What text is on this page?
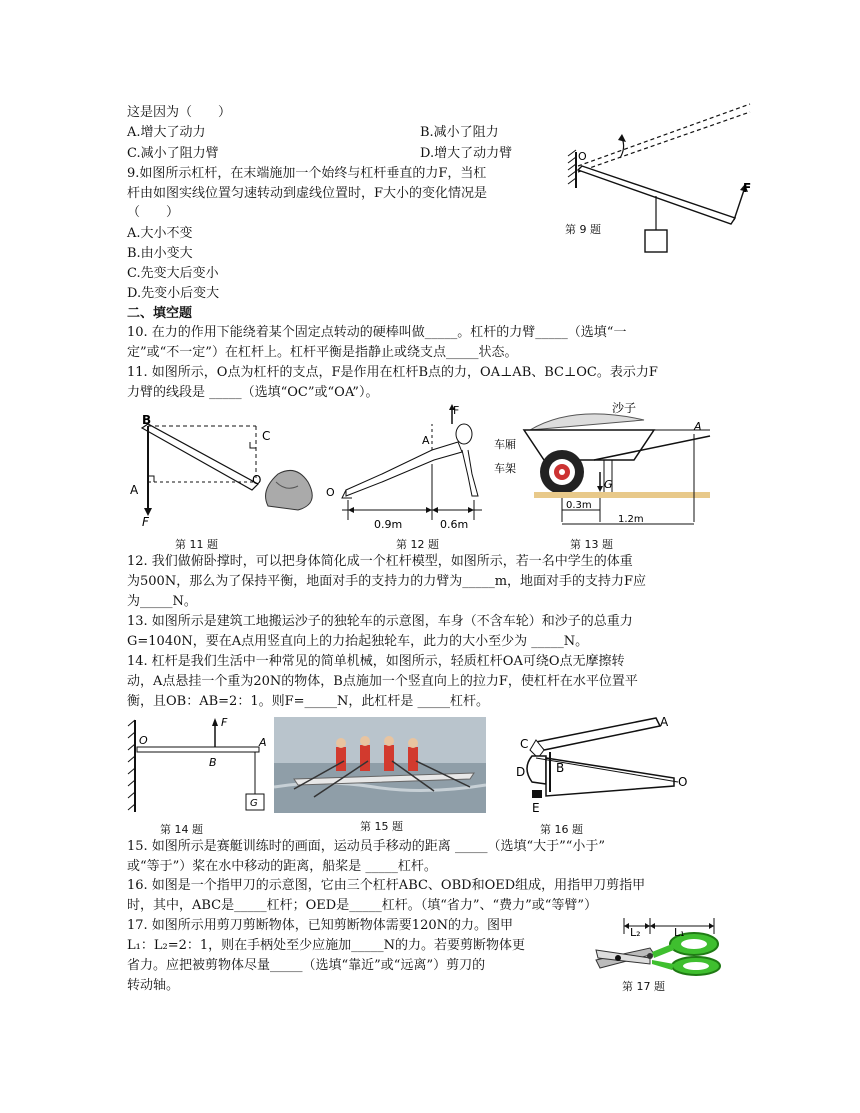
这是因为（　　）
A.增大了动力	B.减小了阻力
C.减小了阻力臂	D.增大了动力臂
9.如图所示杠杆，在末端施加一个始终与杠杆垂直的力F，当杠
杆由如图实线位置匀速转动到虚线位置时，F大小的变化情况是
（　　）
A.大小不变
B.由小变大
C.先变大后变小
D.先变小后变大
O
F
第 9 题
二、填空题
10. 在力的作用下能绕着某个固定点转动的硬棒叫做_____。杠杆的力臂_____（选填“一
定”或“不一定”）在杠杆上。杠杆平衡是指静止或绕支点_____状态。
11. 如图所示，O点为杠杆的支点，F是作用在杠杆B点的力，OA⊥AB、BC⊥OC。表示力F
力臂的线段是 _____（选填“OC”或“OA”）。
B
C
A
O
F
第 11 题
F
A
O
0.9m	0.6m
第 12 题
沙子
车厢
车架
A
G
0.3m
1.2m
第 13 题
12. 我们做俯卧撑时，可以把身体简化成一个杠杆模型，如图所示，若一名中学生的体重
为500N，那么为了保持平衡，地面对手的支持力的力臂为_____m，地面对手的支持力F应
为_____N。
13. 如图所示是建筑工地搬运沙子的独轮车的示意图，车身（不含车轮）和沙子的总重力
G=1040N，要在A点用竖直向上的力抬起独轮车，此力的大小至少为 _____N。
14. 杠杆是我们生活中一种常见的简单机械，如图所示，轻质杠杆OA可绕O点无摩擦转
动，A点悬挂一个重为20N的物体，B点施加一个竖直向上的拉力F，使杠杆在水平位置平
衡，且OB：AB=2：1。则F=_____N，此杠杆是 _____杠杆。
O
F
A
B
G
第 14 题	第 15 题
A
C
B
D
E
O
第 16 题
15. 如图所示是赛艇训练时的画面，运动员手移动的距离 _____（选填“大于”“小于”
或“等于”）桨在水中移动的距离，船桨是 _____杠杆。
16. 如图是一个指甲刀的示意图，它由三个杠杆ABC、OBD和OED组成，用指甲刀剪指甲
时，其中，ABC是_____杠杆；OED是_____杠杆。（填“省力”、“费力”或“等臂”）
17. 如图所示用剪刀剪断物体，已知剪断物体需要120N的力。图甲
L₁：L₂=2：1，则在手柄处至少应施加_____N的力。若要剪断物体更
省力。应把被剪物体尽量_____（选填“靠近”或“远离”）剪刀的
转动轴。
L₂	L₁
第 17 题
